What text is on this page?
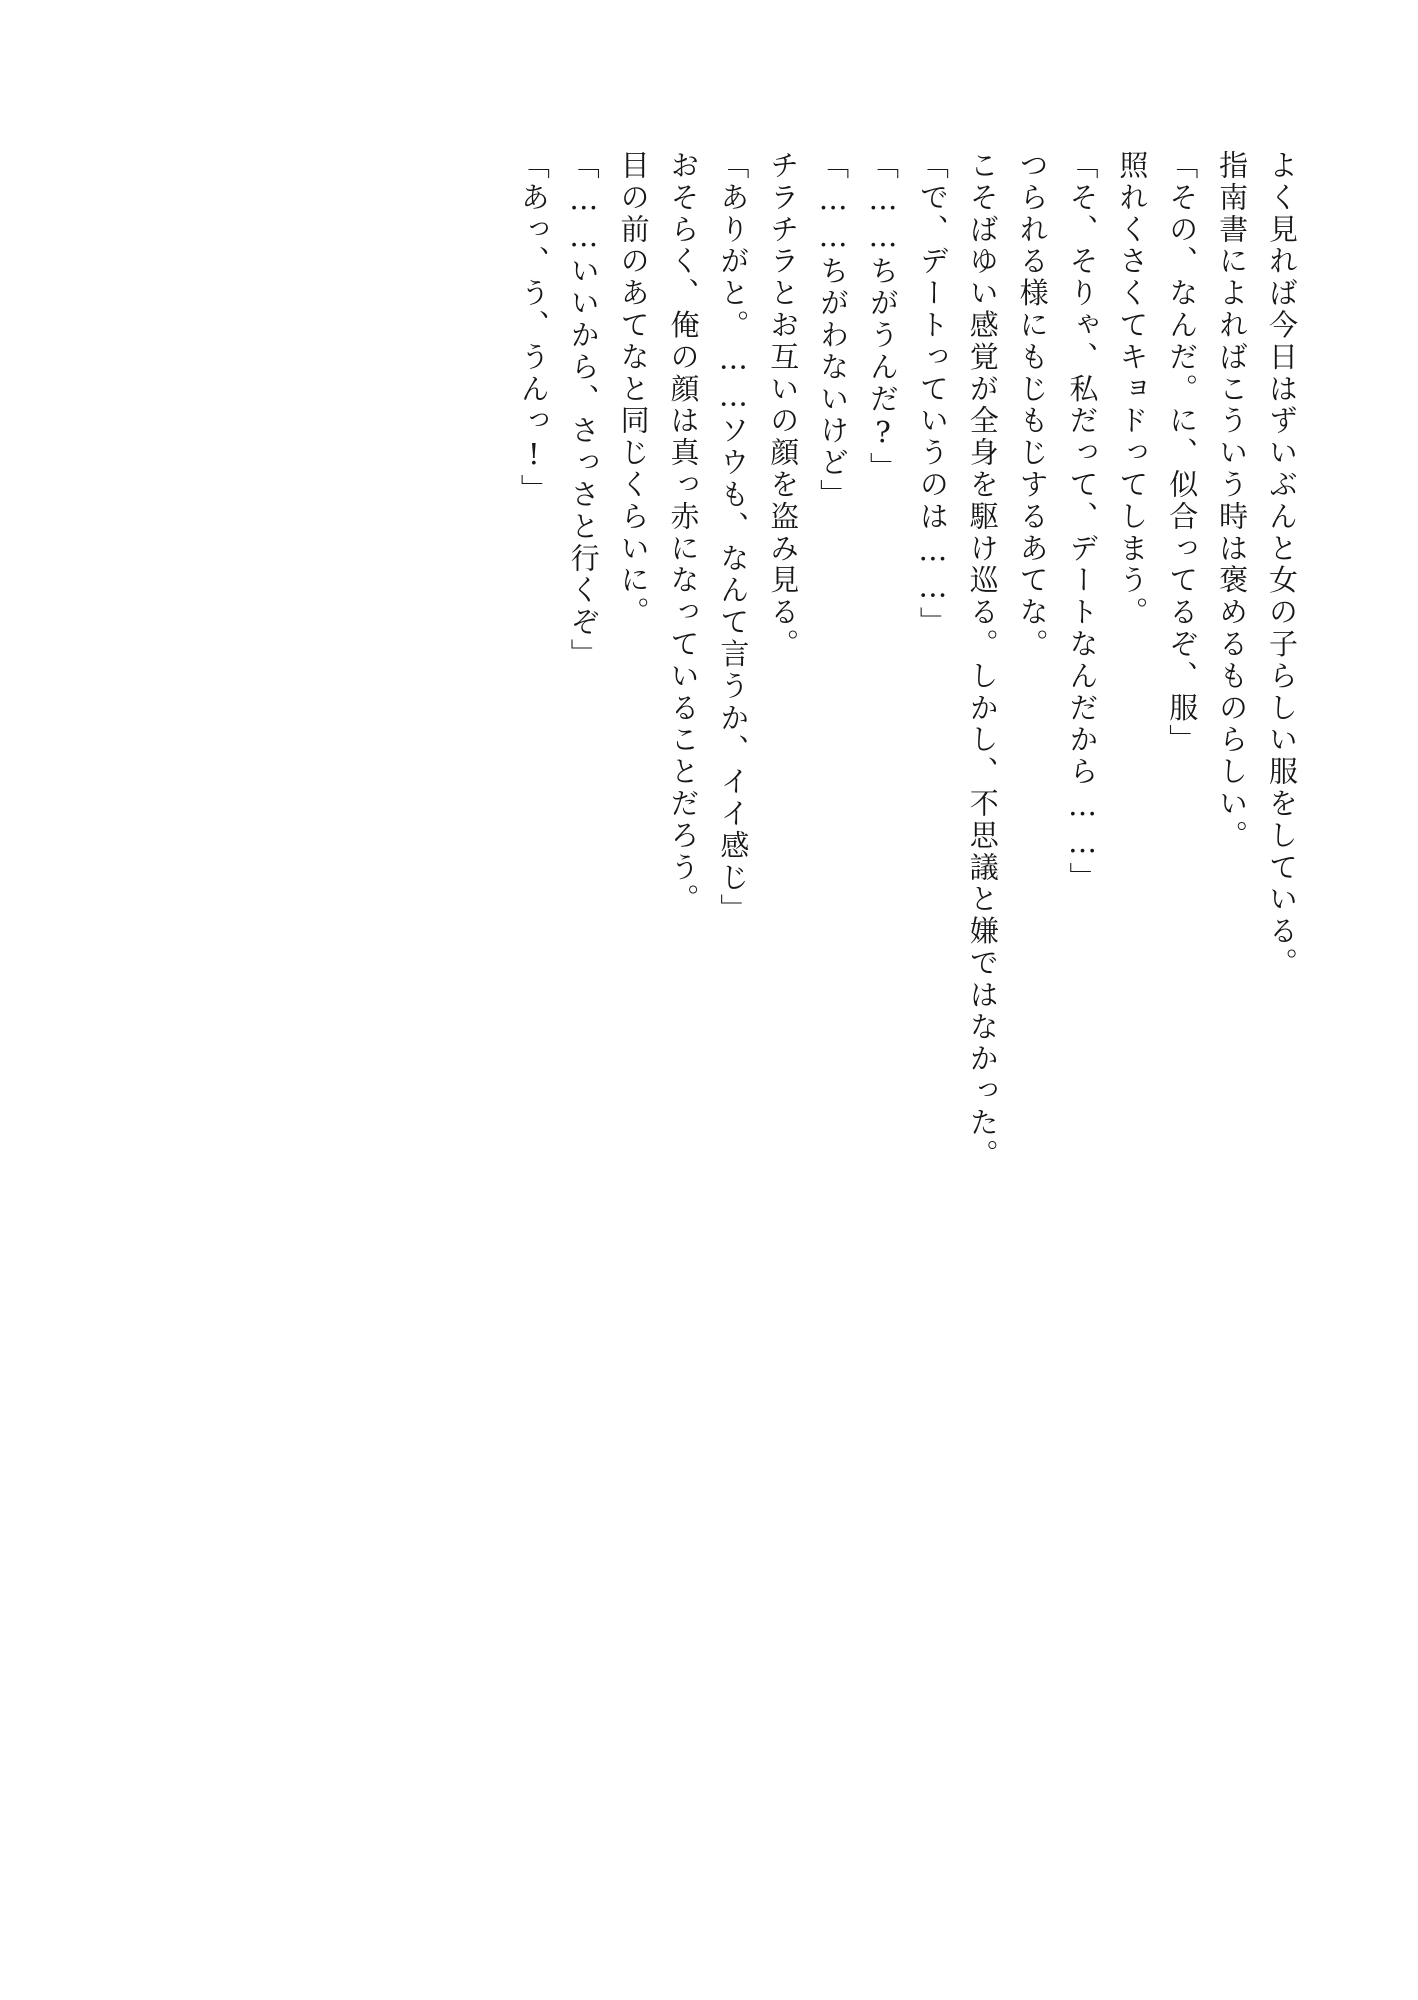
よく見れば今日はずいぶんと女の子らしい服をしている。
指南書によればこういう時は褒めるものらしい。
「その、なんだ。に、似合ってるぞ、服」
照れくさくてキョドってしまう。
「そ、そりゃ、私だって、デートなんだから……」
つられる様にもじもじするあてな。
こそばゆい感覚が全身を駆け巡る。しかし、不思議と嫌ではなかった。
「で、デートっていうのは……」
「……ちがうんだ?」
「……ちがわないけど」
チラチラとお互いの顔を盗み見る。
「ありがと。……ソウも、なんて言うか、イイ感じ」
おそらく、俺の顔は真っ赤になっていることだろう。
目の前のあてなと同じくらいに。
「……いいから、さっさと行くぞ」
「あっ、う、うんっ!」
